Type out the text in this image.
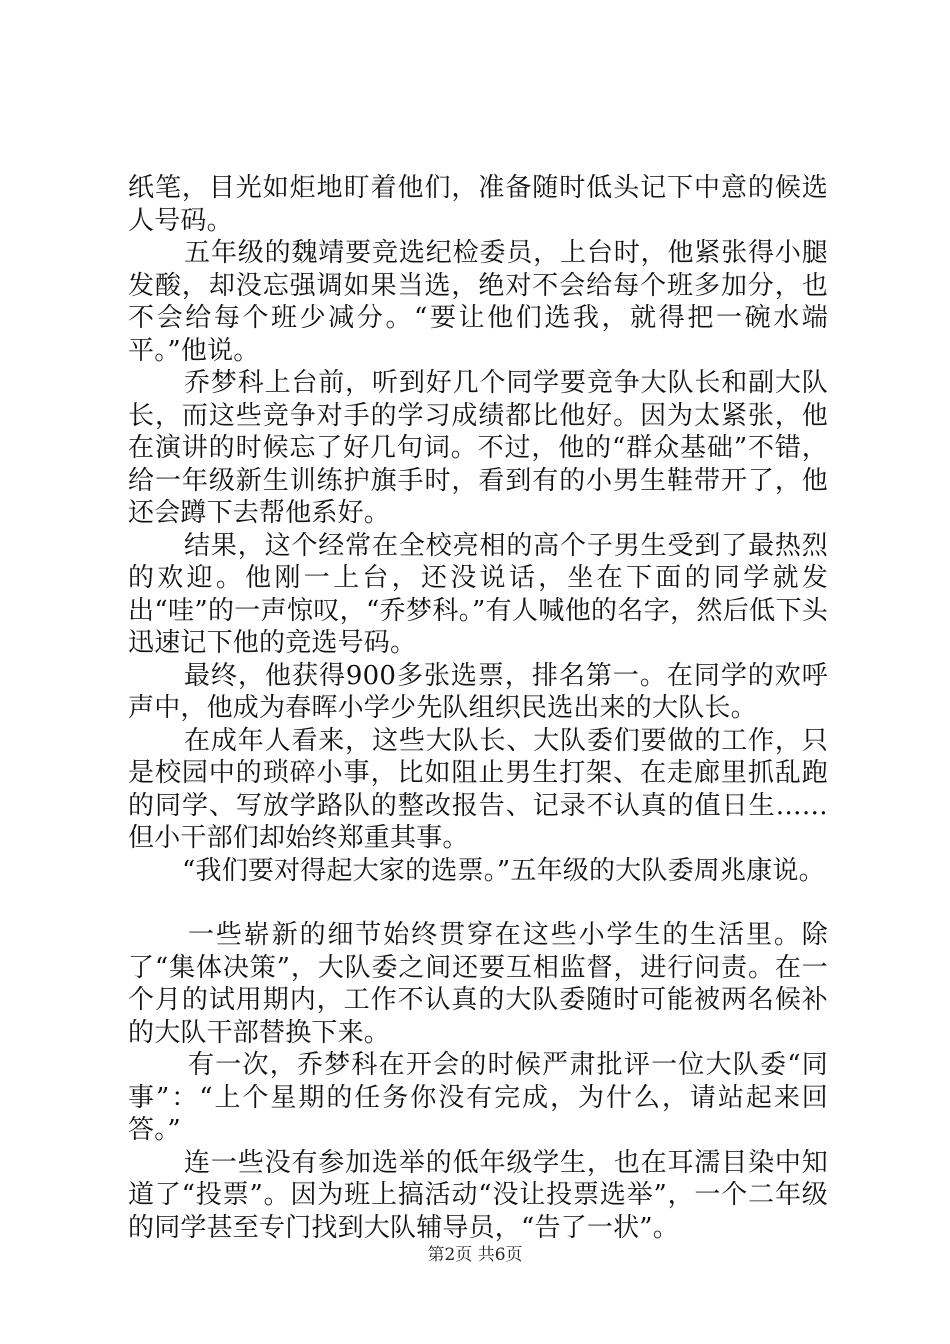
纸笔，目光如炬地盯着他们，准备随时低头记下中意的候选人号码。

五年级的魏靖要竞选纪检委员，上台时，他紧张得小腿发酸，却没忘强调如果当选，绝对不会给每个班多加分，也不会给每个班少减分。“要让他们选我，就得把一碗水端平。”他说。

乔梦科上台前，听到好几个同学要竞争大队长和副大队长，而这些竞争对手的学习成绩都比他好。因为太紧张，他在演讲的时候忘了好几句词。不过，他的“群众基础”不错，给一年级新生训练护旗手时，看到有的小男生鞋带开了，他还会蹲下去帮他系好。

结果，这个经常在全校亮相的高个子男生受到了最热烈的欢迎。他刚一上台，还没说话，坐在下面的同学就发出“哇”的一声惊叹，“乔梦科。”有人喊他的名字，然后低下头迅速记下他的竞选号码。

最终，他获得900多张选票，排名第一。在同学的欢呼声中，他成为春晖小学少先队组织民选出来的大队长。

在成年人看来，这些大队长、大队委们要做的工作，只是校园中的琐碎小事，比如阻止男生打架、在走廊里抓乱跑的同学、写放学路队的整改报告、记录不认真的值日生……但小干部们却始终郑重其事。

“我们要对得起大家的选票。”五年级的大队委周兆康说。

一些崭新的细节始终贯穿在这些小学生的生活里。除了“集体决策”，大队委之间还要互相监督，进行问责。在一个月的试用期内，工作不认真的大队委随时可能被两名候补的大队干部替换下来。

有一次，乔梦科在开会的时候严肃批评一位大队委“同事”：“上个星期的任务你没有完成，为什么，请站起来回答。”

连一些没有参加选举的低年级学生，也在耳濡目染中知道了“投票”。因为班上搞活动“没让投票选举”，一个二年级的同学甚至专门找到大队辅导员，“告了一状”。

第2页 共6页
